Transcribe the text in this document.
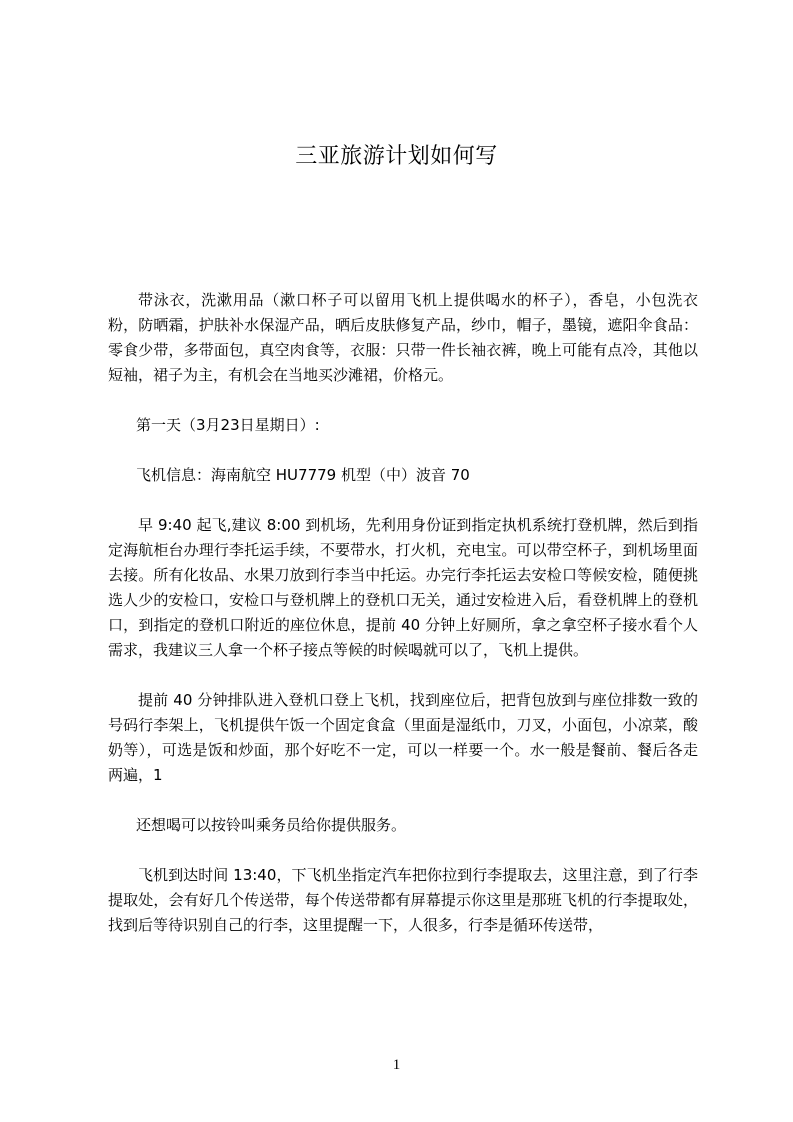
三亚旅游计划如何写

带泳衣，洗漱用品（漱口杯子可以留用飞机上提供喝水的杯子），香皂，小包洗衣粉，防晒霜，护肤补水保湿产品，晒后皮肤修复产品，纱巾，帽子，墨镜，遮阳伞食品：零食少带，多带面包，真空肉食等，衣服：只带一件长袖衣裤，晚上可能有点冷，其他以短袖，裙子为主，有机会在当地买沙滩裙，价格元。

第一天（3月23日星期日）:

飞机信息：海南航空 HU7779 机型（中）波音 70

早 9:40 起飞,建议 8:00 到机场，先利用身份证到指定执机系统打登机牌，然后到指定海航柜台办理行李托运手续，不要带水，打火机，充电宝。可以带空杯子，到机场里面去接。所有化妆品、水果刀放到行李当中托运。办完行李托运去安检口等候安检，随便挑选人少的安检口，安检口与登机牌上的登机口无关，通过安检进入后，看登机牌上的登机口，到指定的登机口附近的座位休息，提前 40 分钟上好厕所，拿之拿空杯子接水看个人需求，我建议三人拿一个杯子接点等候的时候喝就可以了，飞机上提供。

提前 40 分钟排队进入登机口登上飞机，找到座位后，把背包放到与座位排数一致的号码行李架上，飞机提供午饭一个固定食盒（里面是湿纸巾，刀叉，小面包，小凉菜，酸奶等），可选是饭和炒面，那个好吃不一定，可以一样要一个。水一般是餐前、餐后各走两遍，1

还想喝可以按铃叫乘务员给你提供服务。

飞机到达时间 13:40，下飞机坐指定汽车把你拉到行李提取去，这里注意，到了行李提取处，会有好几个传送带，每个传送带都有屏幕提示你这里是那班飞机的行李提取处，找到后等待识别自己的行李，这里提醒一下，人很多，行李是循环传送带，

1
